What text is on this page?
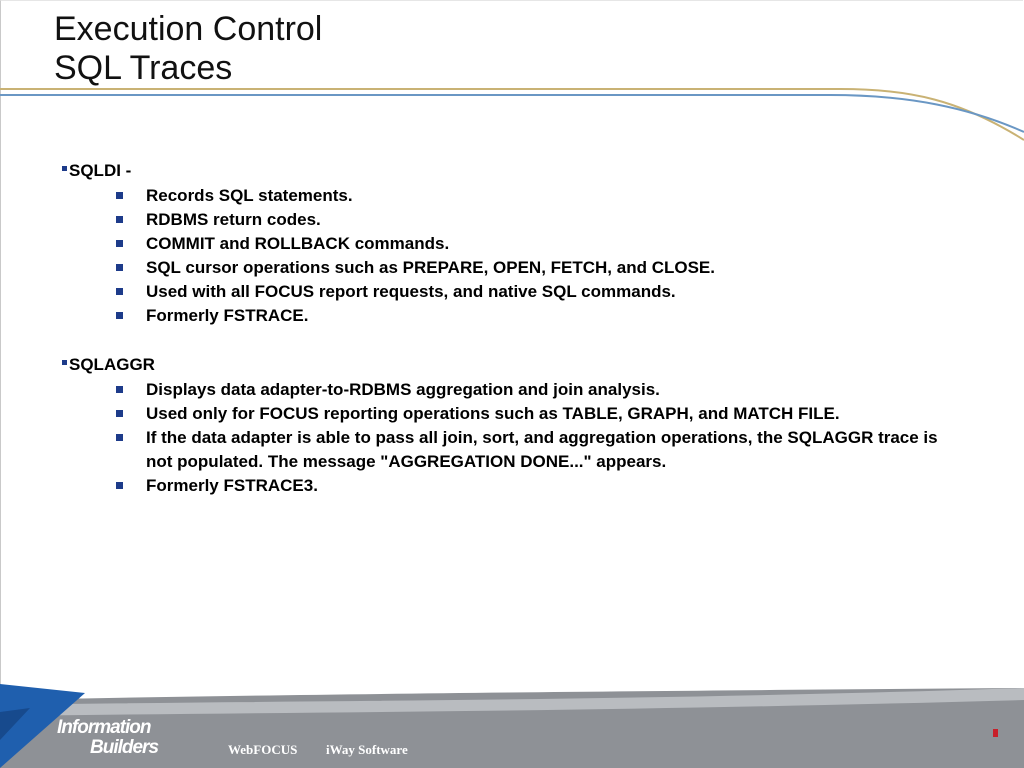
Execution Control
SQL Traces
SQLDI -
Records SQL statements.
RDBMS return codes.
COMMIT and ROLLBACK commands.
SQL cursor operations such as PREPARE, OPEN, FETCH, and CLOSE.
Used with all FOCUS report requests, and native SQL commands.
Formerly FSTRACE.
SQLAGGR
Displays data adapter-to-RDBMS aggregation and join analysis.
Used only for FOCUS reporting operations such as TABLE, GRAPH, and MATCH FILE.
If the data adapter is able to pass all join, sort, and aggregation operations, the SQLAGGR trace is not populated. The message "AGGREGATION DONE..." appears.
Formerly FSTRACE3.
Information
Builders	WebFOCUS iWay Software
